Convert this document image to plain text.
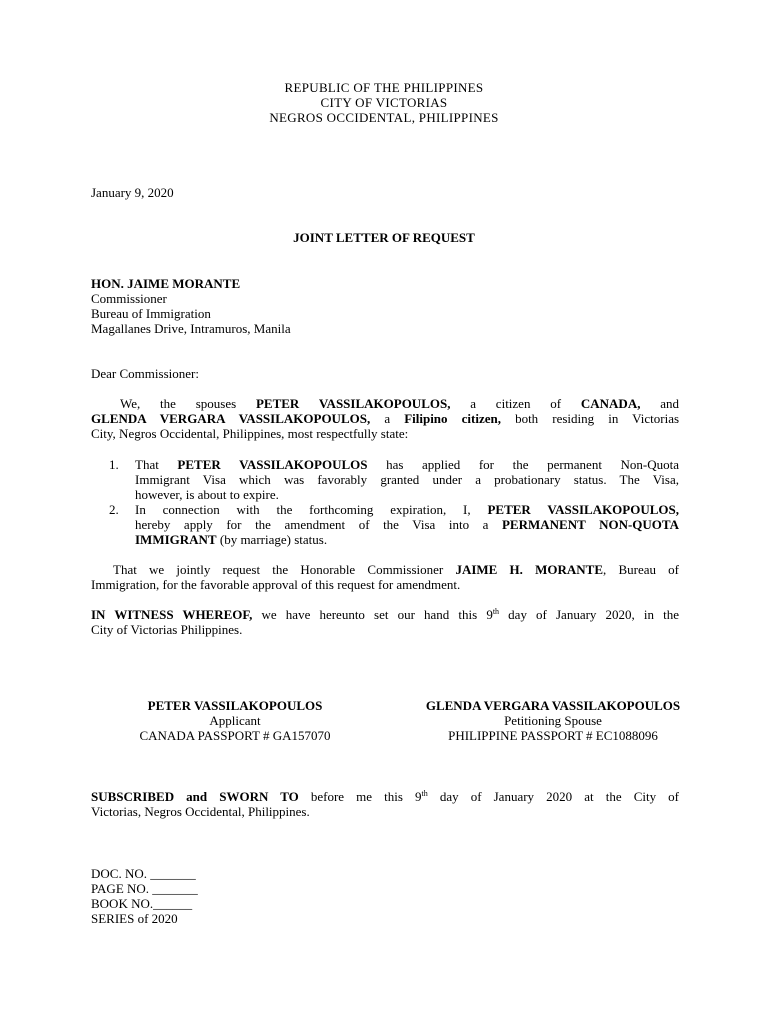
REPUBLIC OF THE PHILIPPINES
CITY OF VICTORIAS
NEGROS OCCIDENTAL, PHILIPPINES
January 9, 2020
JOINT LETTER OF REQUEST
HON. JAIME MORANTE
Commissioner
Bureau of Immigration
Magallanes Drive, Intramuros, Manila
Dear Commissioner:
We, the spouses PETER VASSILAKOPOULOS, a citizen of CANADA, and
GLENDA VERGARA VASSILAKOPOULOS, a Filipino citizen, both residing in Victorias
City, Negros Occidental, Philippines, most respectfully state:
1.	That PETER VASSILAKOPOULOS has applied for the permanent Non-Quota
Immigrant Visa which was favorably granted under a probationary status. The Visa,
however, is about to expire.
2.	In connection with the forthcoming expiration, I, PETER VASSILAKOPOULOS,
hereby apply for the amendment of the Visa into a PERMANENT NON-QUOTA
IMMIGRANT (by marriage) status.
That we jointly request the Honorable Commissioner JAIME H. MORANTE, Bureau of
Immigration, for the favorable approval of this request for amendment.
IN WITNESS WHEREOF, we have hereunto set our hand this 9th day of January 2020, in the
City of Victorias Philippines.
PETER VASSILAKOPOULOS
Applicant
CANADA PASSPORT # GA157070
GLENDA VERGARA VASSILAKOPOULOS
Petitioning Spouse
PHILIPPINE PASSPORT # EC1088096
SUBSCRIBED and SWORN TO before me this 9th day of January 2020 at the City of
Victorias, Negros Occidental, Philippines.
DOC. NO. _______
PAGE NO. _______
BOOK NO.______
SERIES of 2020
